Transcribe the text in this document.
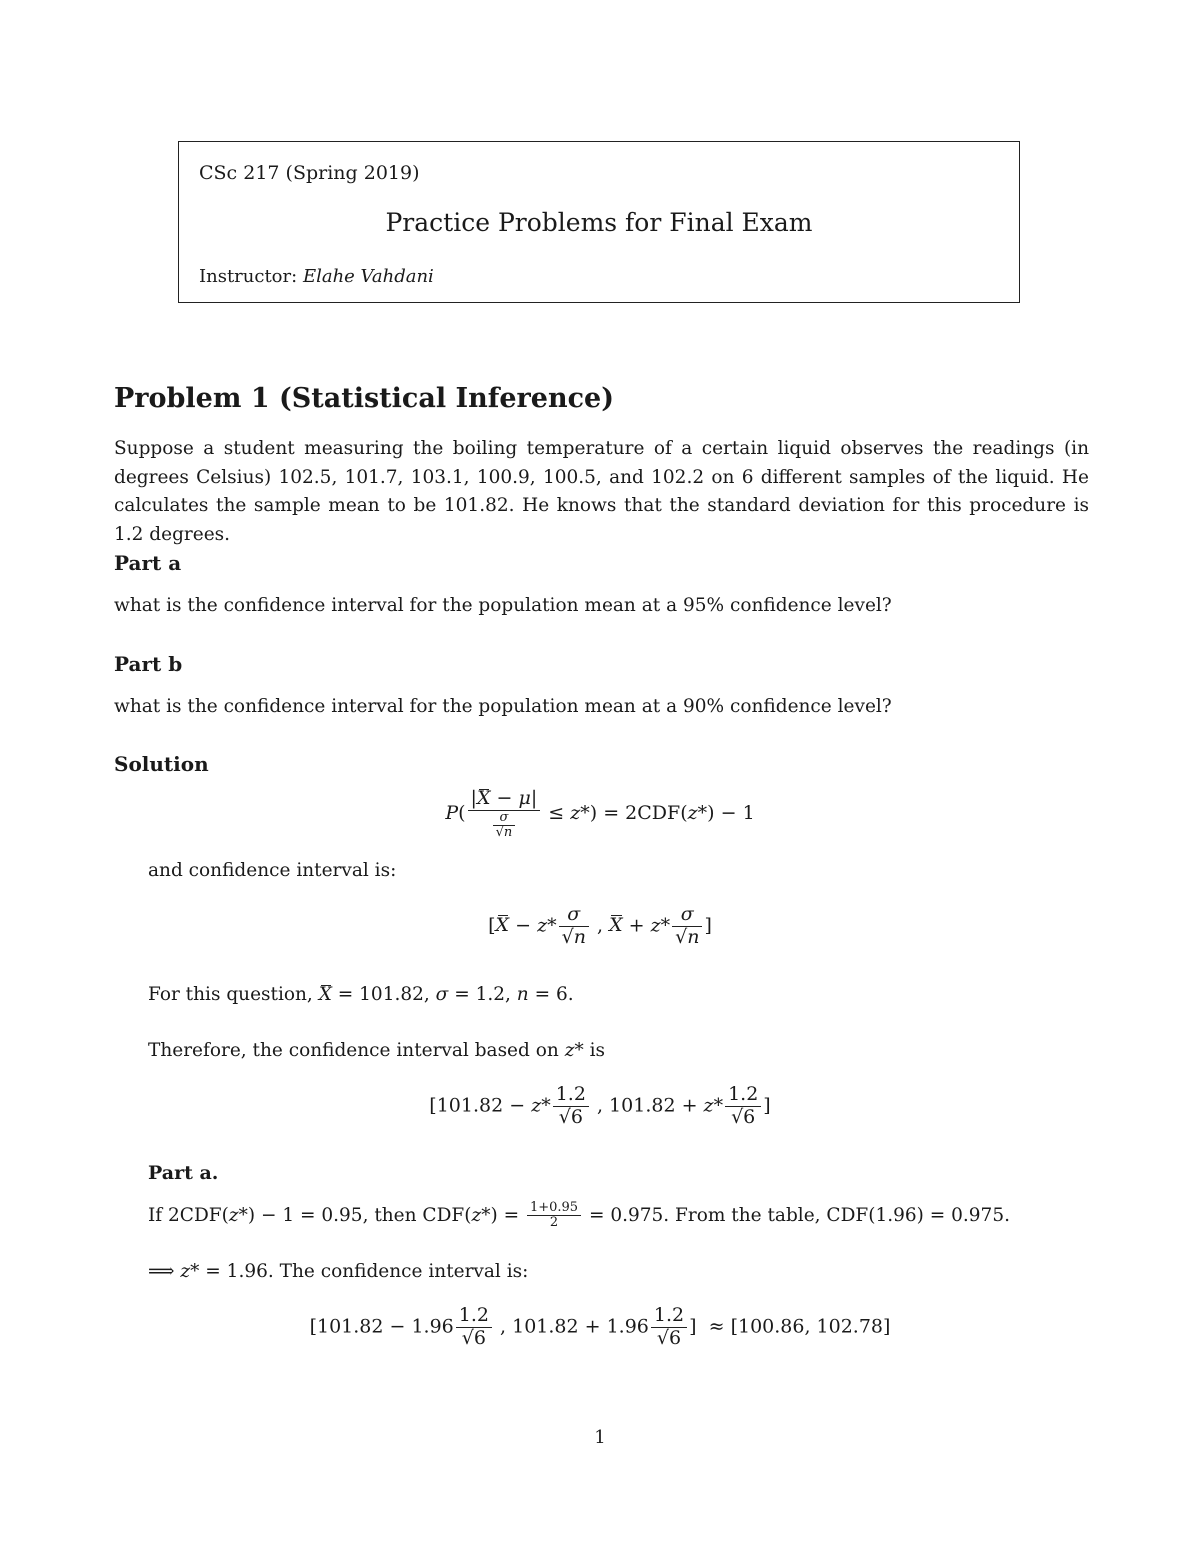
CSc 217 (Spring 2019)
Practice Problems for Final Exam
Instructor: Elahe Vahdani
Problem 1 (Statistical Inference)
Suppose a student measuring the boiling temperature of a certain liquid observes the readings (in degrees Celsius) 102.5, 101.7, 103.1, 100.9, 100.5, and 102.2 on 6 different samples of the liquid. He calculates the sample mean to be 101.82. He knows that the standard deviation for this procedure is 1.2 degrees.
Part a
what is the confidence interval for the population mean at a 95% confidence level?
Part b
what is the confidence interval for the population mean at a 90% confidence level?
Solution
$P( \frac{|X - \mu|}{\frac{\sigma}{√n}} \le z*) = 2CDF(z*) - 1$
and confidence interval is:
[$X - z* \frac{\sigma}{√n}$ , $X + z* \frac{\sigma}{√n}$ ]
For this question, X = 101.82, σ = 1.2, n = 6.
Therefore, the confidence interval based on z* is
[$101.82 - z* \frac{1.2}{√6}$ , $101.82 + z* \frac{1.2}{√6}$ ]
Part a.
If 2CDF(z*) − 1 = 0.95, then $CDF(z*) = \frac{1+0.95}{2} = 0.975$. From the table, CDF(1.96) = 0.975.
⟹ z* = 1.96. The confidence interval is:
[$101.82 - 1.96 \frac{1.2}{√6}$ , $101.82 + 1.96 \frac{1.2}{√6}$ ]  ≈ [100.86, 102.78]
1
